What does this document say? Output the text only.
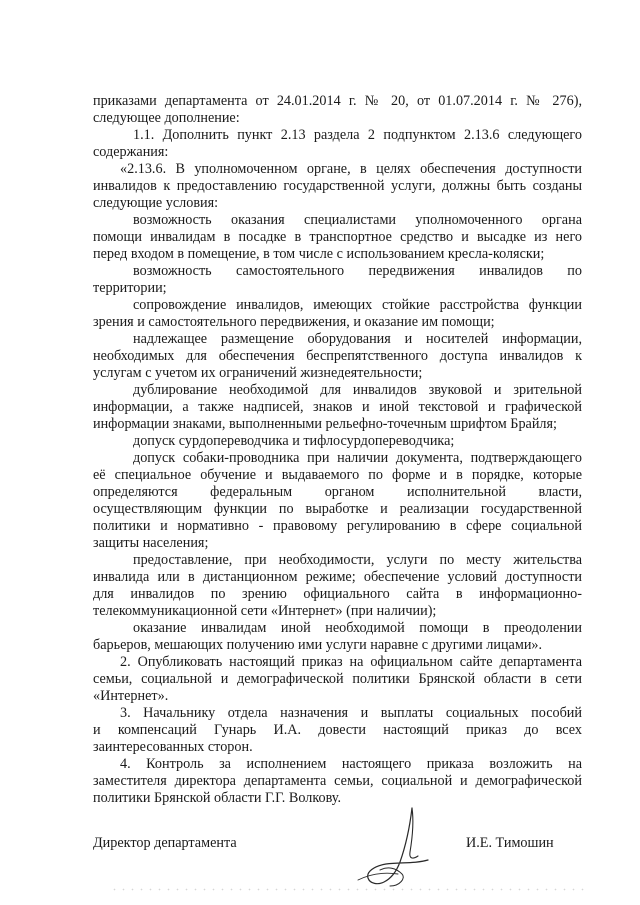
приказами департамента от 24.01.2014 г. № 20, от 01.07.2014 г. № 276),
следующее дополнение:
1.1. Дополнить пункт 2.13 раздела 2 подпунктом 2.13.6 следующего
содержания:
«2.13.6. В уполномоченном органе, в целях обеспечения доступности
инвалидов к предоставлению государственной услуги, должны быть созданы
следующие условия:
возможность оказания специалистами уполномоченного органа
помощи инвалидам в посадке в транспортное средство и высадке из него
перед входом в помещение, в том числе с использованием кресла-коляски;
возможность самостоятельного передвижения инвалидов по
территории;
сопровождение инвалидов, имеющих стойкие расстройства функции
зрения и самостоятельного передвижения, и оказание им помощи;
надлежащее размещение оборудования и носителей информации,
необходимых для обеспечения беспрепятственного доступа инвалидов к
услугам с учетом их ограничений жизнедеятельности;
дублирование необходимой для инвалидов звуковой и зрительной
информации, а также надписей, знаков и иной текстовой и графической
информации знаками, выполненными рельефно-точечным шрифтом Брайля;
допуск сурдопереводчика и тифлосурдопереводчика;
допуск собаки-проводника при наличии документа, подтверждающего
её специальное обучение и выдаваемого по форме и в порядке, которые
определяются федеральным органом исполнительной власти,
осуществляющим функции по выработке и реализации государственной
политики и нормативно - правовому регулированию в сфере социальной
защиты населения;
предоставление, при необходимости, услуги по месту жительства
инвалида или в дистанционном режиме; обеспечение условий доступности
для инвалидов по зрению официального сайта в информационно-
телекоммуникационной сети «Интернет» (при наличии);
оказание инвалидам иной необходимой помощи в преодолении
барьеров, мешающих получению ими услуги наравне с другими лицами».
2. Опубликовать настоящий приказ на официальном сайте департамента
семьи, социальной и демографической политики Брянской области в сети
«Интернет».
3. Начальнику отдела назначения и выплаты социальных пособий
и компенсаций Гунарь И.А. довести настоящий приказ до всех
заинтересованных сторон.
4. Контроль за исполнением настоящего приказа возложить на
заместителя директора департамента семьи, социальной и демографической
политики Брянской области Г.Г. Волкову.
Директор департамента	И.Е. Тимошин
